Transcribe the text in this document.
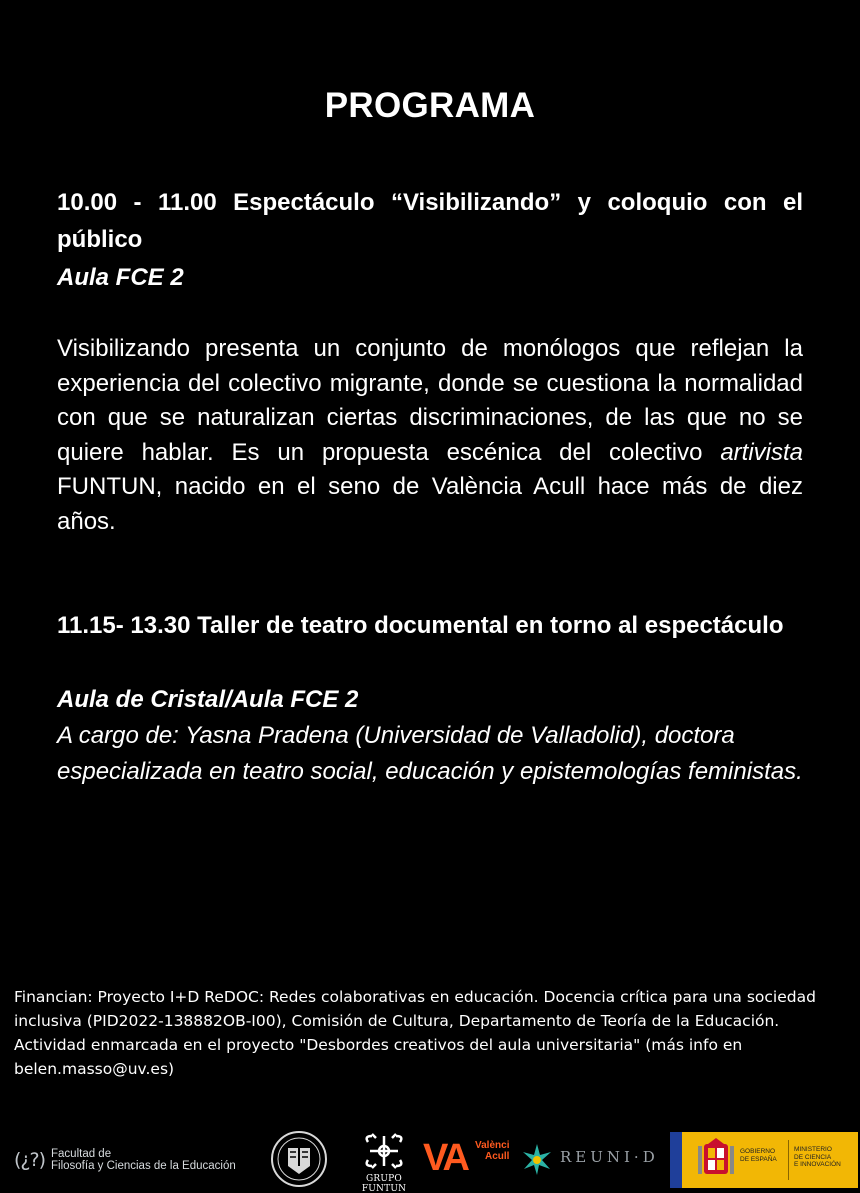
PROGRAMA
10.00 - 11.00 Espectáculo “Visibilizando” y coloquio con el público
Aula FCE 2

Visibilizando presenta un conjunto de monólogos que reflejan la experiencia del colectivo migrante, donde se cuestiona la normalidad con que se naturalizan ciertas discriminaciones, de las que no se quiere hablar. Es un propuesta escénica del colectivo artivista FUNTUN, nacido en el seno de València Acull hace más de diez años.

11.15- 13.30 Taller de teatro documental en torno al espectáculo
Aula de Cristal/Aula FCE 2
A cargo de: Yasna Pradena (Universidad de Valladolid), doctora especializada en teatro social, educación y epistemologías feministas.

Financian: Proyecto I+D ReDOC: Redes colaborativas en educación. Docencia crítica para una sociedad inclusiva (PID2022-138882OB-I00), Comisión de Cultura, Departamento de Teoría de la Educación.

Actividad enmarcada en el proyecto "Desbordes creativos del aula universitaria" (más info en belen.masso@uv.es)

(¿?) Facultad de
Filosofía y Ciencias de la Educación
GRUPO FUNTUN
VA Valènci
Acull	REUNI·D	GOBIERNO
DE ESPAÑA
MINISTERIO
DE CIENCIA
E INNOVACIÓN
